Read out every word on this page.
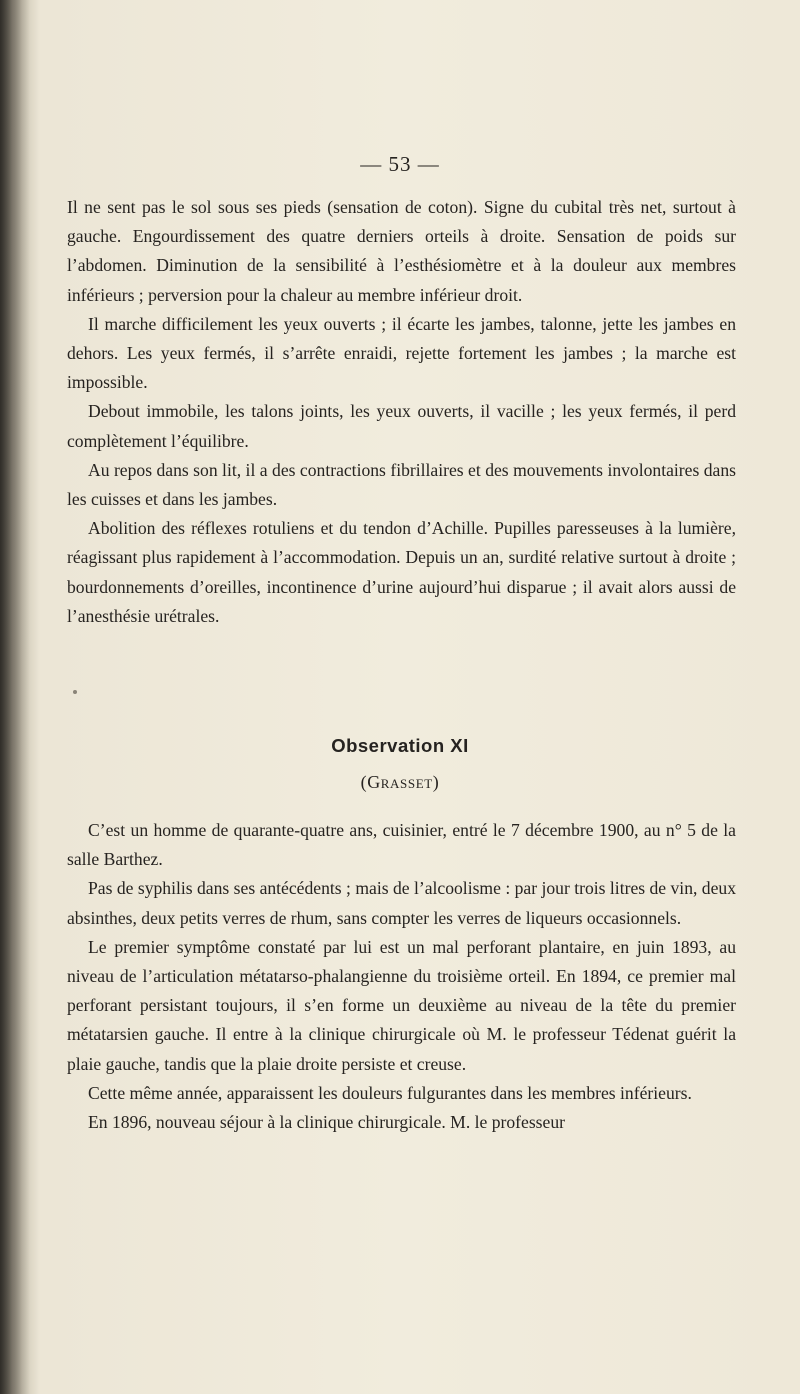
— 53 —

Il ne sent pas le sol sous ses pieds (sensation de coton). Signe du cubital très net, surtout à gauche. Engourdissement des quatre derniers orteils à droite. Sensation de poids sur l’abdomen. Diminution de la sensibilité à l’esthésiomètre et à la douleur aux membres inférieurs ; perversion pour la chaleur au membre inférieur droit.

Il marche difficilement les yeux ouverts ; il écarte les jambes, talonne, jette les jambes en dehors. Les yeux fermés, il s’arrête enraidi, rejette fortement les jambes ; la marche est impossible.

Debout immobile, les talons joints, les yeux ouverts, il vacille ; les yeux fermés, il perd complètement l’équilibre.

Au repos dans son lit, il a des contractions fibrillaires et des mouvements involontaires dans les cuisses et dans les jambes.

Abolition des réflexes rotuliens et du tendon d’Achille. Pupilles paresseuses à la lumière, réagissant plus rapidement à l’accommodation. Depuis un an, surdité relative surtout à droite ; bourdonnements d’oreilles, incontinence d’urine aujourd’hui disparue ; il avait alors aussi de l’anesthésie urétrales.

Observation XI
(Grasset)

C’est un homme de quarante-quatre ans, cuisinier, entré le 7 décembre 1900, au n° 5 de la salle Barthez.

Pas de syphilis dans ses antécédents ; mais de l’alcoolisme : par jour trois litres de vin, deux absinthes, deux petits verres de rhum, sans compter les verres de liqueurs occasionnels.

Le premier symptôme constaté par lui est un mal perforant plantaire, en juin 1893, au niveau de l’articulation métatarso-phalangienne du troisième orteil. En 1894, ce premier mal perforant persistant toujours, il s’en forme un deuxième au niveau de la tête du premier métatarsien gauche. Il entre à la clinique chirurgicale où M. le professeur Tédenat guérit la plaie gauche, tandis que la plaie droite persiste et creuse.

Cette même année, apparaissent les douleurs fulgurantes dans les membres inférieurs.

En 1896, nouveau séjour à la clinique chirurgicale. M. le professeur
